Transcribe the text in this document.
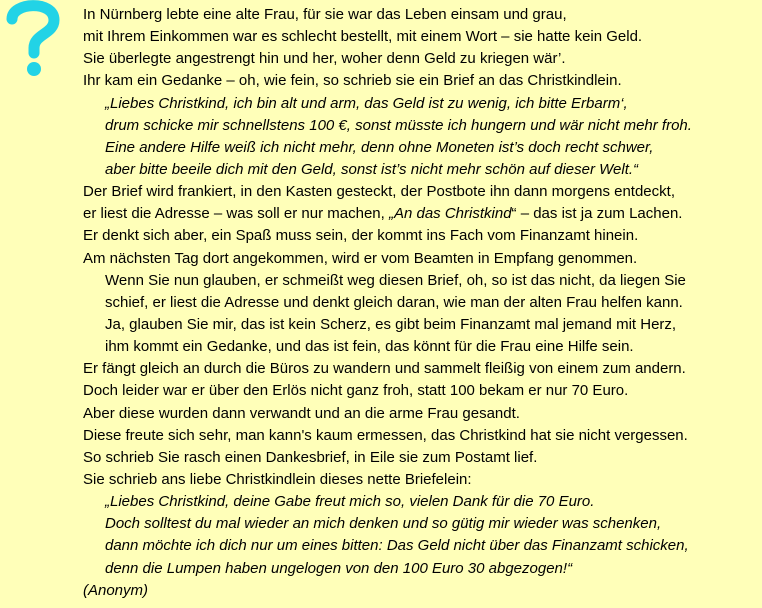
In Nürnberg lebte eine alte Frau, für sie war das Leben einsam und grau,
mit Ihrem Einkommen war es schlecht bestellt, mit einem Wort – sie hatte kein Geld.
Sie überlegte angestrengt hin und her, woher denn Geld zu kriegen wär’.
Ihr kam ein Gedanke – oh, wie fein, so schrieb sie ein Brief an das Christkindlein.
„Liebes Christkind, ich bin alt und arm, das Geld ist zu wenig, ich bitte Erbarm‘,
drum schicke mir schnellstens 100 €, sonst müsste ich hungern und wär nicht mehr froh.
Eine andere Hilfe weiß ich nicht mehr, denn ohne Moneten ist’s doch recht schwer,
aber bitte beeile dich mit den Geld, sonst ist’s nicht mehr schön auf dieser Welt.“
Der Brief wird frankiert, in den Kasten gesteckt, der Postbote ihn dann morgens entdeckt,
er liest die Adresse – was soll er nur machen, „An das Christkind“ – das ist ja zum Lachen.
Er denkt sich aber, ein Spaß muss sein, der kommt ins Fach vom Finanzamt hinein.
Am nächsten Tag dort angekommen, wird er vom Beamten in Empfang genommen.
Wenn Sie nun glauben, er schmeißt weg diesen Brief, oh, so ist das nicht, da liegen Sie
schief, er liest die Adresse und denkt gleich daran, wie man der alten Frau helfen kann.
Ja, glauben Sie mir, das ist kein Scherz, es gibt beim Finanzamt mal jemand mit Herz,
ihm kommt ein Gedanke, und das ist fein, das könnt für die Frau eine Hilfe sein.
Er fängt gleich an durch die Büros zu wandern und sammelt fleißig von einem zum andern.
Doch leider war er über den Erlös nicht ganz froh, statt 100 bekam er nur 70 Euro.
Aber diese wurden dann verwandt und an die arme Frau gesandt.
Diese freute sich sehr, man kann's kaum ermessen, das Christkind hat sie nicht vergessen.
So schrieb Sie rasch einen Dankesbrief, in Eile sie zum Postamt lief.
Sie schrieb ans liebe Christkindlein dieses nette Briefelein:
„Liebes Christkind, deine Gabe freut mich so, vielen Dank für die 70 Euro.
Doch solltest du mal wieder an mich denken und so gütig mir wieder was schenken,
dann möchte ich dich nur um eines bitten: Das Geld nicht über das Finanzamt schicken,
denn die Lumpen haben ungelogen von den 100 Euro 30 abgezogen!“
(Anonym)
